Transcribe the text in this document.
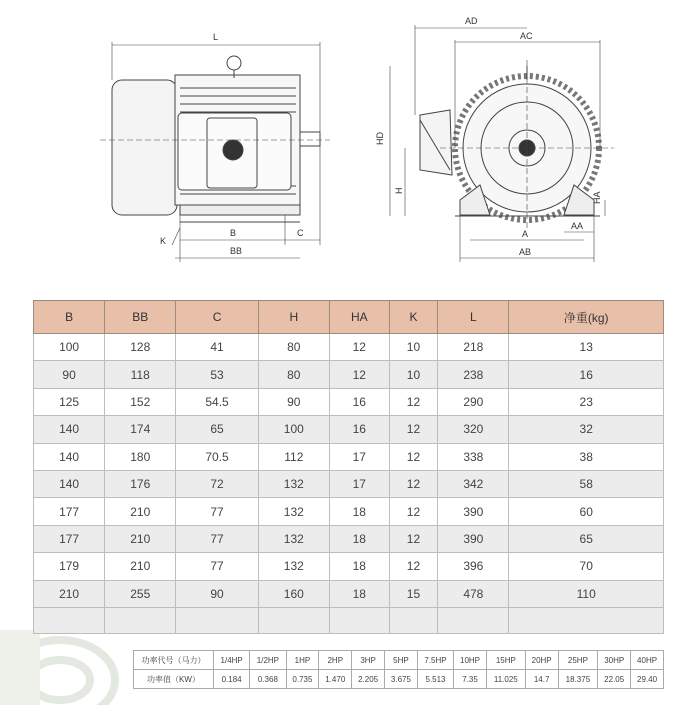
L
B	C
BB
K
AD
AC
HD
H
HA
AA
A
AB
B	BB	C	H	HA	K	L	净重(kg)
100	128	41	80	12	10	218	13
90	118	53	80	12	10	238	16
125	152	54.5	90	16	12	290	23
140	174	65	100	16	12	320	32
140	180	70.5	112	17	12	338	38
140	176	72	132	17	12	342	58
177	210	77	132	18	12	390	60
177	210	77	132	18	12	390	65
179	210	77	132	18	12	396	70
210	255	90	160	18	15	478	110

功率代号（马力）	1/4HP	1/2HP	1HP	2HP	3HP	5HP	7.5HP	10HP	15HP	20HP	25HP	30HP	40HP
功率值（KW）	0.184	0.368	0.735	1.470	2.205	3.675	5.513	7.35	11.025	14.7	18.375	22.05	29.40
